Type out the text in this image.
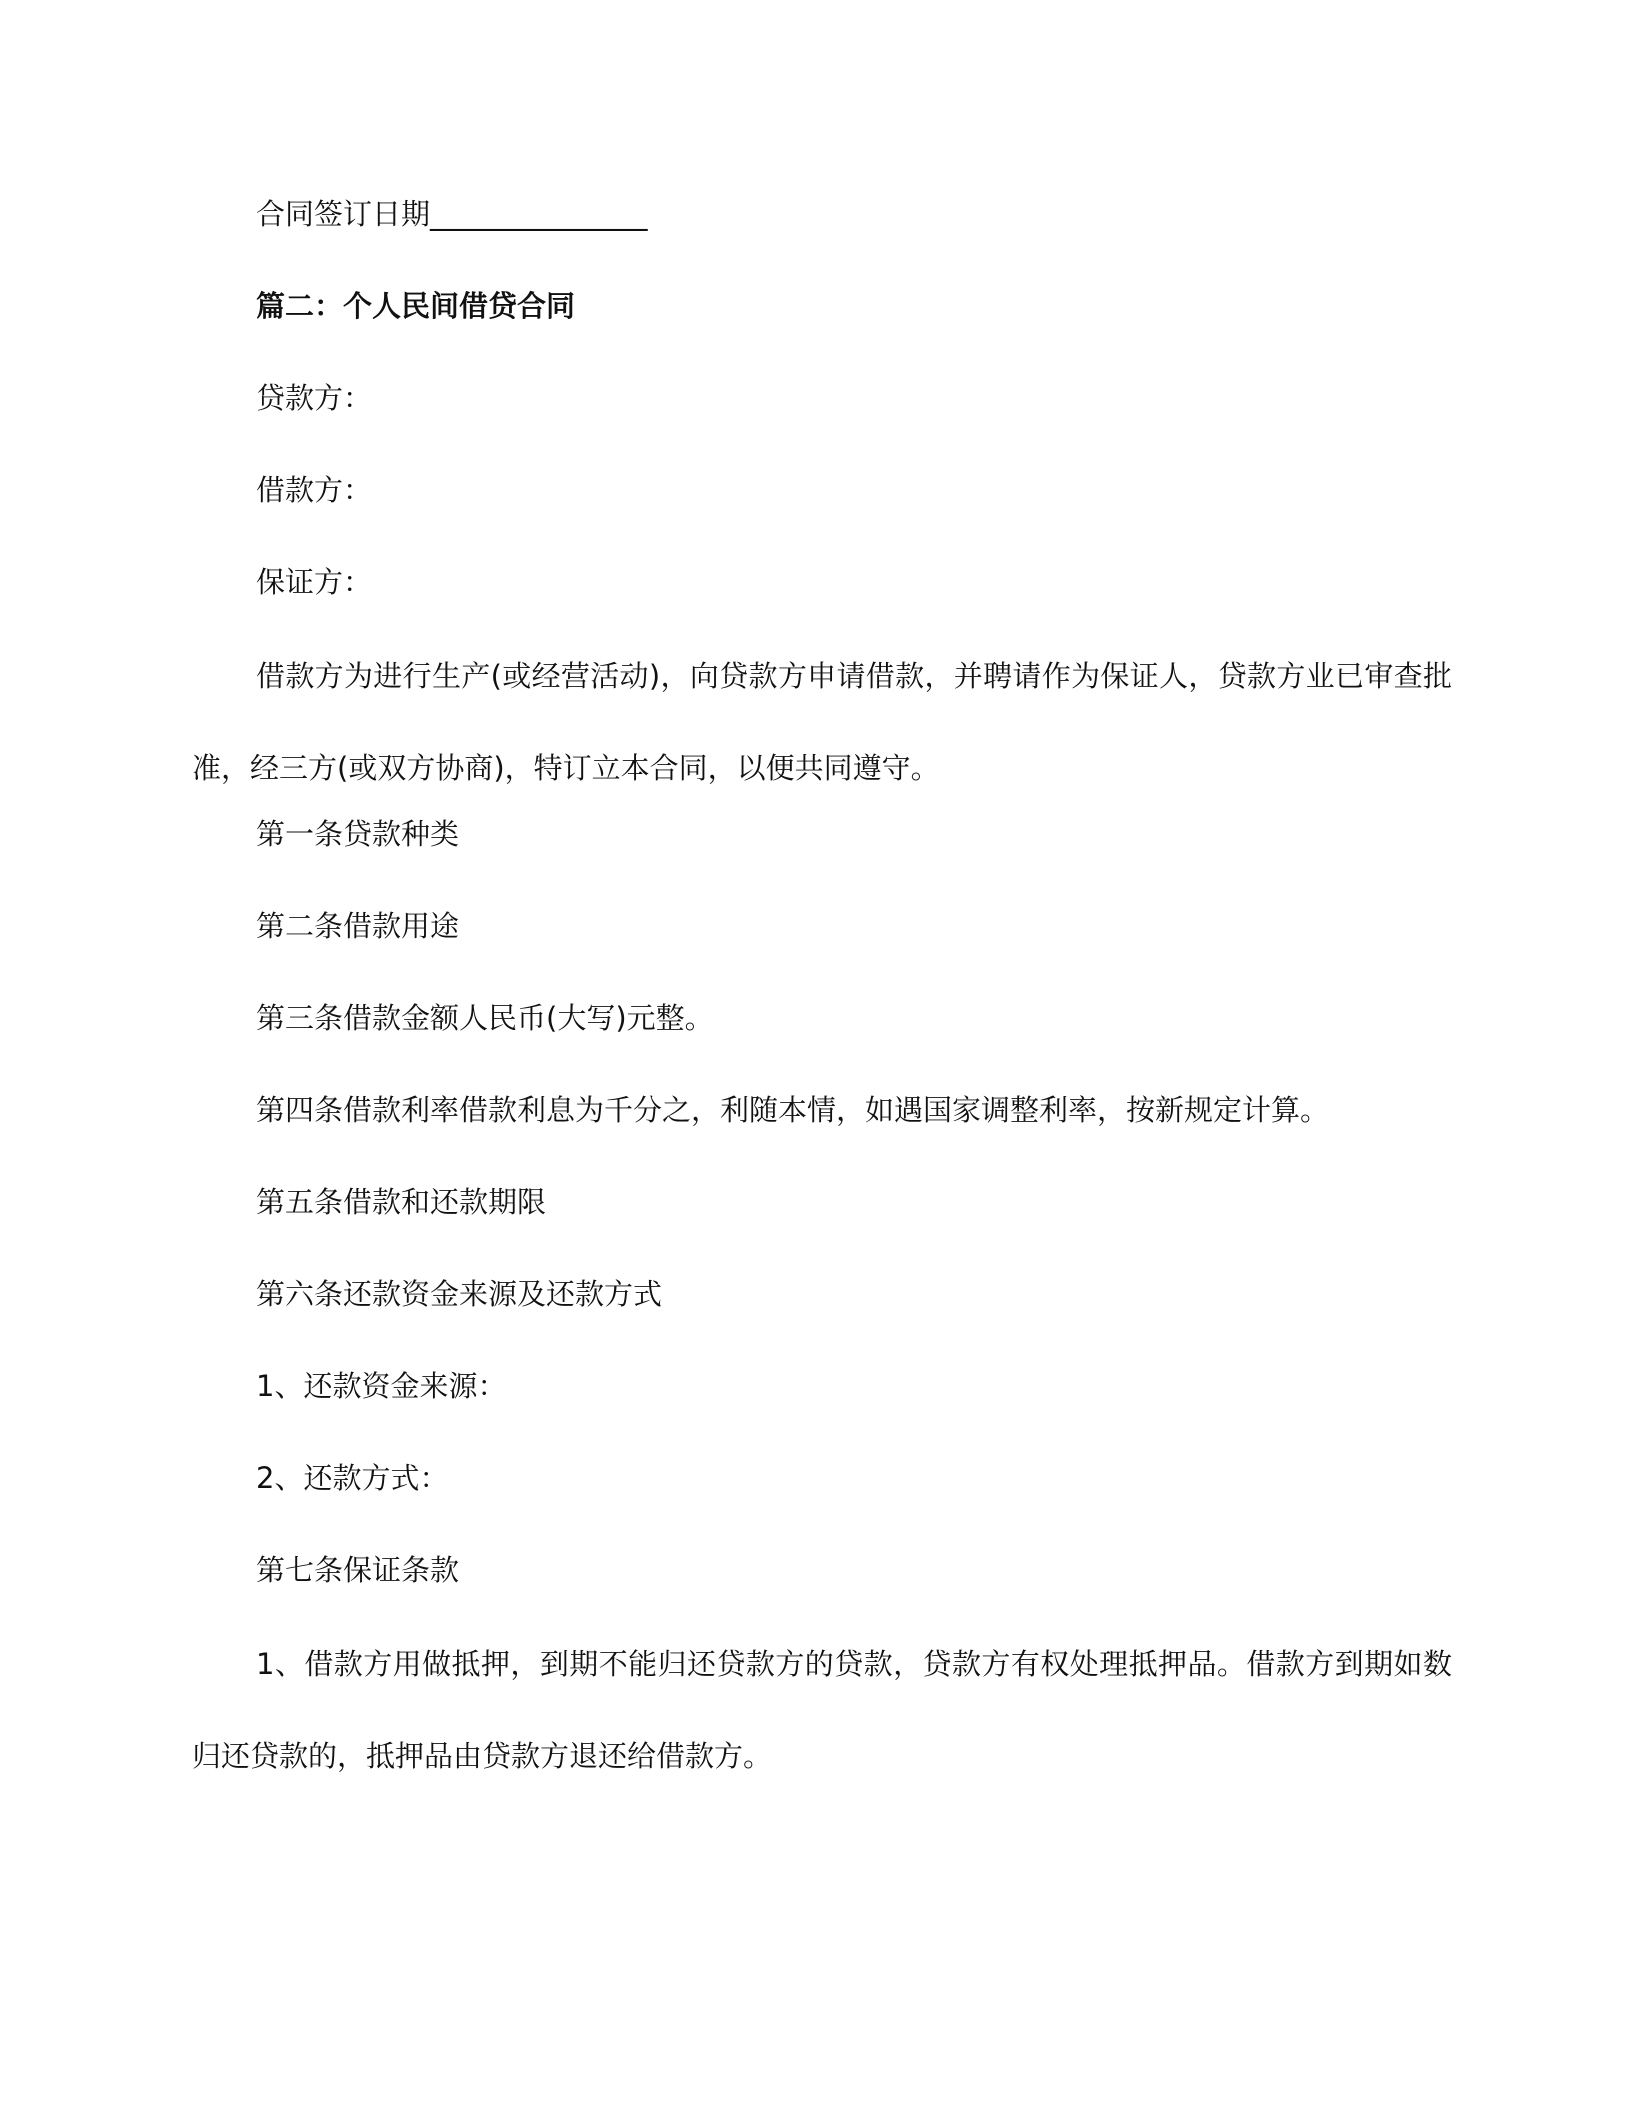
合同签订日期_______________
篇二：个人民间借贷合同
贷款方：
借款方：
保证方：
借款方为进行生产(或经营活动)，向贷款方申请借款，并聘请作为保证人，贷款方业已审查批准，经三方(或双方协商)，特订立本合同，以便共同遵守。
第一条贷款种类
第二条借款用途
第三条借款金额人民币(大写)元整。
第四条借款利率借款利息为千分之，利随本情，如遇国家调整利率，按新规定计算。
第五条借款和还款期限
第六条还款资金来源及还款方式
1、还款资金来源：
2、还款方式：
第七条保证条款
1、借款方用做抵押，到期不能归还贷款方的贷款，贷款方有权处理抵押品。借款方到期如数归还贷款的，抵押品由贷款方退还给借款方。
